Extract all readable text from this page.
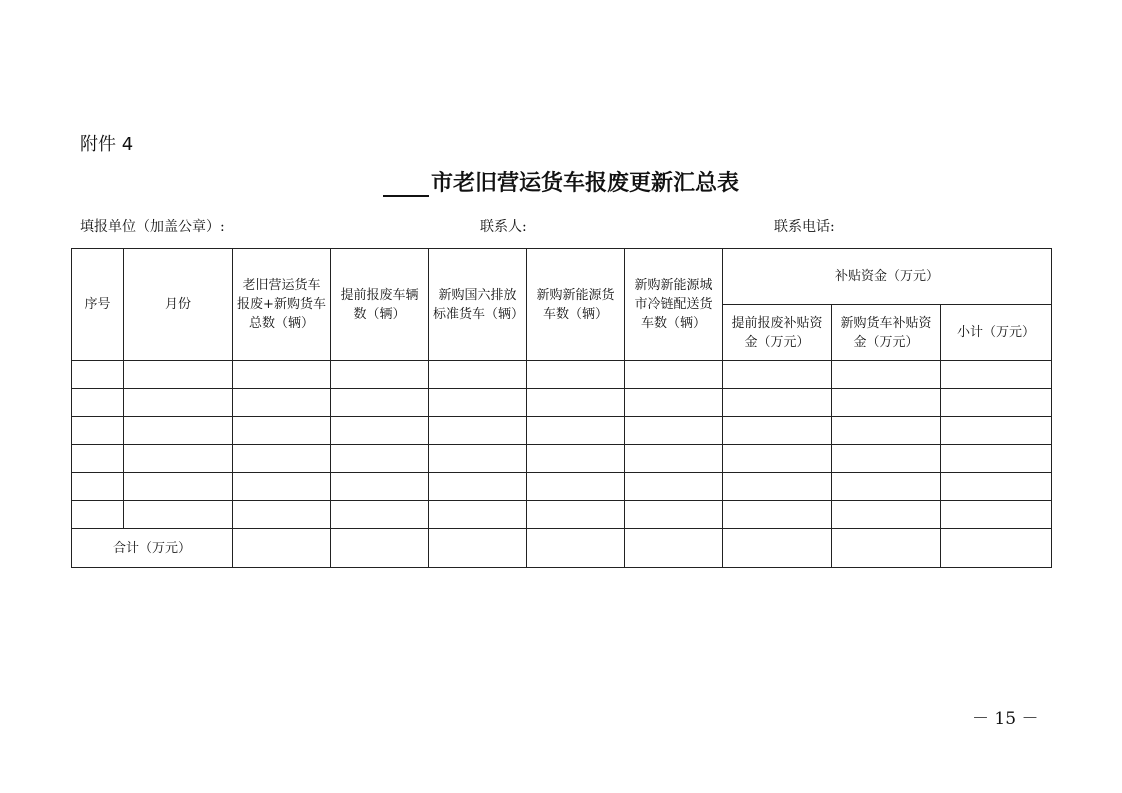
附件 4
市老旧营运货车报废更新汇总表
填报单位（加盖公章）:	联系人:	联系电话:
序号	月份	老旧营运货车报废+新购货车总数（辆）	提前报废车辆数（辆）	新购国六排放标准货车（辆）	新购新能源货车数（辆）	新购新能源城市冷链配送货车数（辆）	补贴资金（万元）		
							提前报废补贴资金（万元）	新购货车补贴资金（万元）	小计（万元）

合计（万元）									
－ 15 －
